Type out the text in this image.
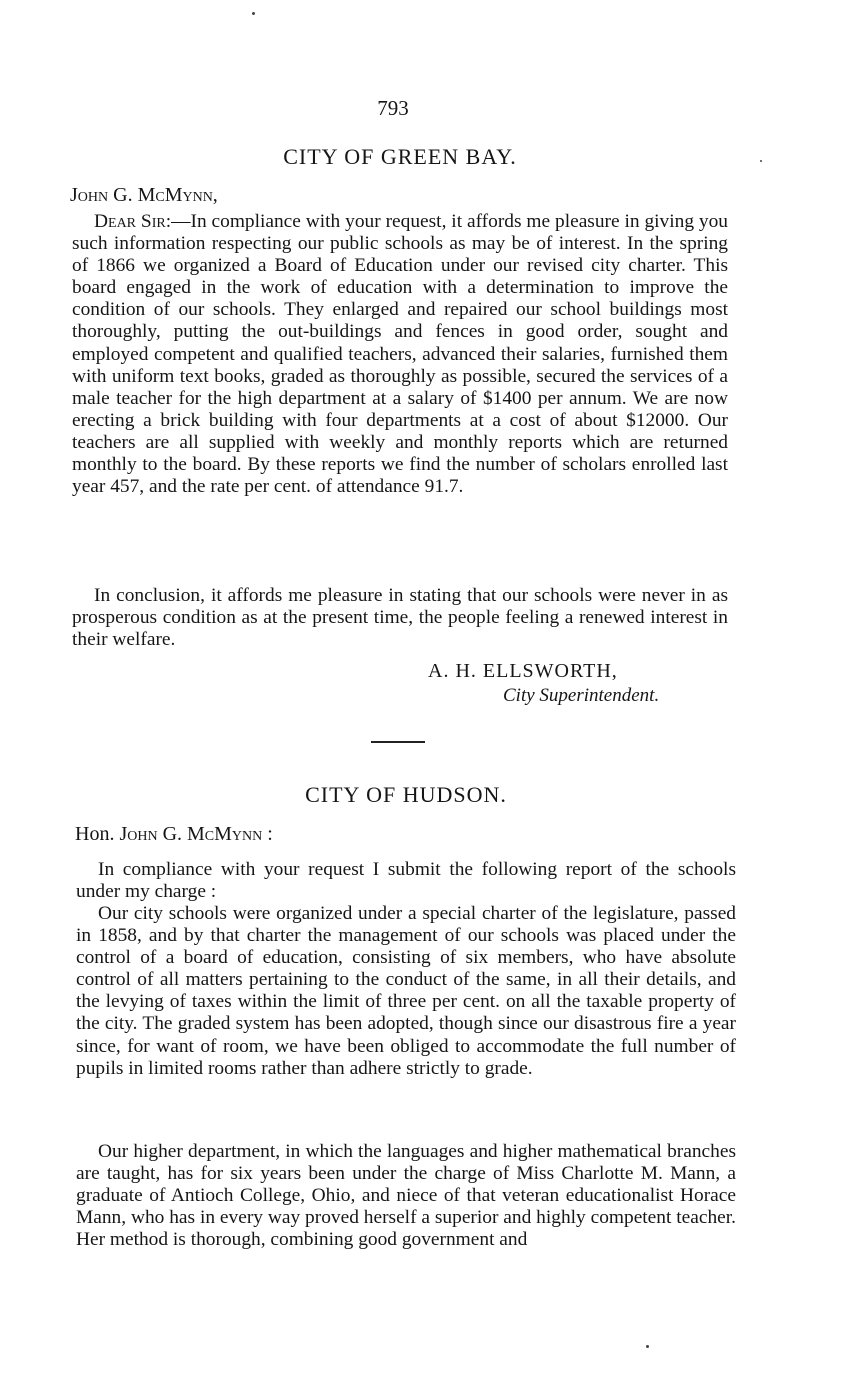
793
CITY OF GREEN BAY.
John G. McMynn,

Dear Sir:—In compliance with your request, it affords me pleasure in giving you such information respecting our public schools as may be of interest. In the spring of 1866 we organized a Board of Education under our revised city charter. This board engaged in the work of education with a determination to improve the condition of our schools. They enlarged and repaired our school buildings most thoroughly, putting the out-buildings and fences in good order, sought and employed competent and qualified teachers, advanced their salaries, furnished them with uniform text books, graded as thoroughly as possible, secured the services of a male teacher for the high department at a salary of $1400 per annum. We are now erecting a brick building with four departments at a cost of about $12000. Our teachers are all supplied with weekly and monthly reports which are returned monthly to the board. By these reports we find the number of scholars enrolled last year 457, and the rate per cent. of attendance 91.7.

In conclusion, it affords me pleasure in stating that our schools were never in as prosperous condition as at the present time, the people feeling a renewed interest in their welfare.

A. H. ELLSWORTH,
City Superintendent.
CITY OF HUDSON.
Hon. John G. McMynn :

In compliance with your request I submit the following report of the schools under my charge :

Our city schools were organized under a special charter of the legislature, passed in 1858, and by that charter the management of our schools was placed under the control of a board of education, consisting of six members, who have absolute control of all matters pertaining to the conduct of the same, in all their details, and the levying of taxes within the limit of three per cent. on all the taxable property of the city. The graded system has been adopted, though since our disastrous fire a year since, for want of room, we have been obliged to accommodate the full number of pupils in limited rooms rather than adhere strictly to grade.

Our higher department, in which the languages and higher mathematical branches are taught, has for six years been under the charge of Miss Charlotte M. Mann, a graduate of Antioch College, Ohio, and niece of that veteran educationalist Horace Mann, who has in every way proved herself a superior and highly competent teacher. Her method is thorough, combining good government and
